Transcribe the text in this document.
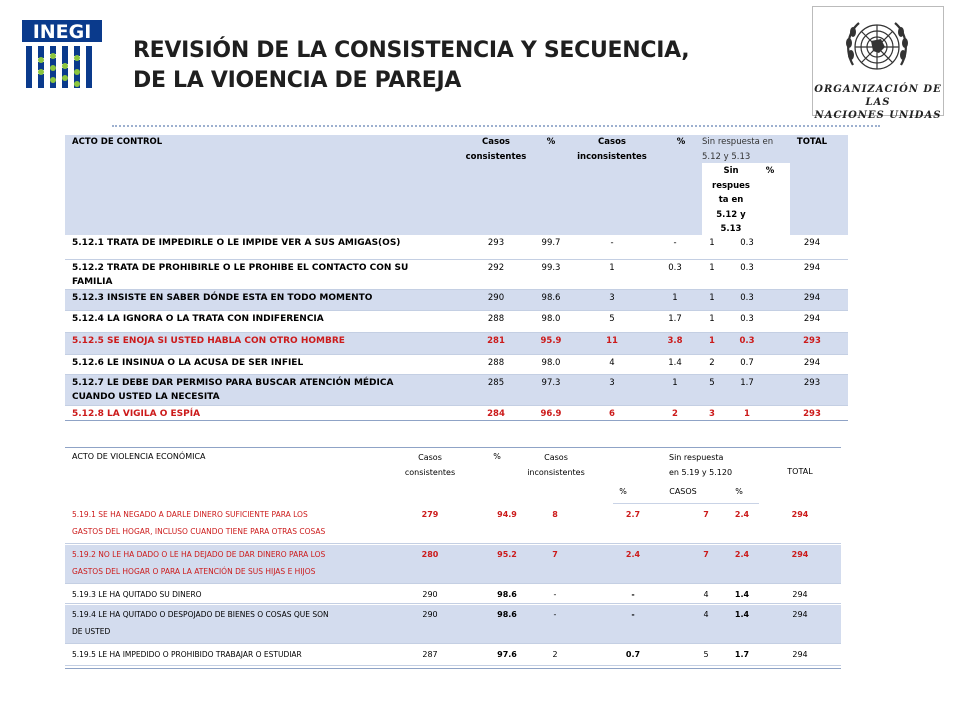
INEGI
REVISIÓN DE LA CONSISTENCIA Y SECUENCIA,
DE LA VIOENCIA DE PAREJA	ORGANIZACIÓN DE LAS
NACIONES UNIDAS
ACTO DE CONTROL	Casos
consistentes
%	Casos
inconsistentes
%	Sin respuesta en
5.12 y 5.13
TOTAL
Sin
respues
ta en
5.12 y
5.13
%
5.12.1 TRATA DE IMPEDIRLE O LE IMPIDE VER A SUS AMIGAS(OS)	293	99.7	-	-	1	0.3	294
5.12.2 TRATA DE PROHIBIRLE O LE PROHIBE EL CONTACTO CON SU
FAMILIA
292	99.3	1	0.3	1	0.3	294
5.12.3 INSISTE EN SABER DÓNDE ESTA EN TODO MOMENTO	290	98.6	3	1	1	0.3	294
5.12.4 LA IGNORA O LA TRATA CON INDIFERENCIA	288	98.0	5	1.7	1	0.3	294
5.12.5 SE ENOJA SI USTED HABLA CON OTRO HOMBRE	281	95.9	11	3.8	1	0.3	293
5.12.6 LE INSINUA O LA ACUSA DE SER INFIEL	288	98.0	4	1.4	2	0.7	294
5.12.7 LE DEBE DAR PERMISO PARA BUSCAR ATENCIÓN MÉDICA
CUANDO USTED LA NECESITA
285	97.3	3	1	5	1.7	293
5.12.8 LA VIGILA O ESPÍA	284	96.9	6	2	3	1	293
ACTO DE VIOLENCIA ECONÓMICA	Casos
consistentes
%	Casos
inconsistentes
Sin respuesta
en 5.19 y 5.120	TOTAL
%	CASOS	%
5.19.1 SE HA NEGADO A DARLE DINERO SUFICIENTE PARA LOS
GASTOS DEL HOGAR, INCLUSO CUANDO TIENE PARA OTRAS COSAS
279	94.9	8	2.7	7	2.4	294
5.19.2 NO LE HA DADO O LE HA DEJADO DE DAR DINERO PARA LOS
GASTOS DEL HOGAR O PARA LA ATENCIÓN DE SUS HIJAS E HIJOS
280	95.2	7	2.4	7	2.4	294
5.19.3 LE HA QUITADO SU DINERO	290	98.6	-	-	4	1.4	294
5.19.4 LE HA QUITADO O DESPOJADO DE BIENES O COSAS QUE SON
DE USTED
290	98.6	-	-	4	1.4	294
5.19.5 LE HA IMPEDIDO O PROHIBIDO TRABAJAR O ESTUDIAR	287	97.6	2	0.7	5	1.7	294
